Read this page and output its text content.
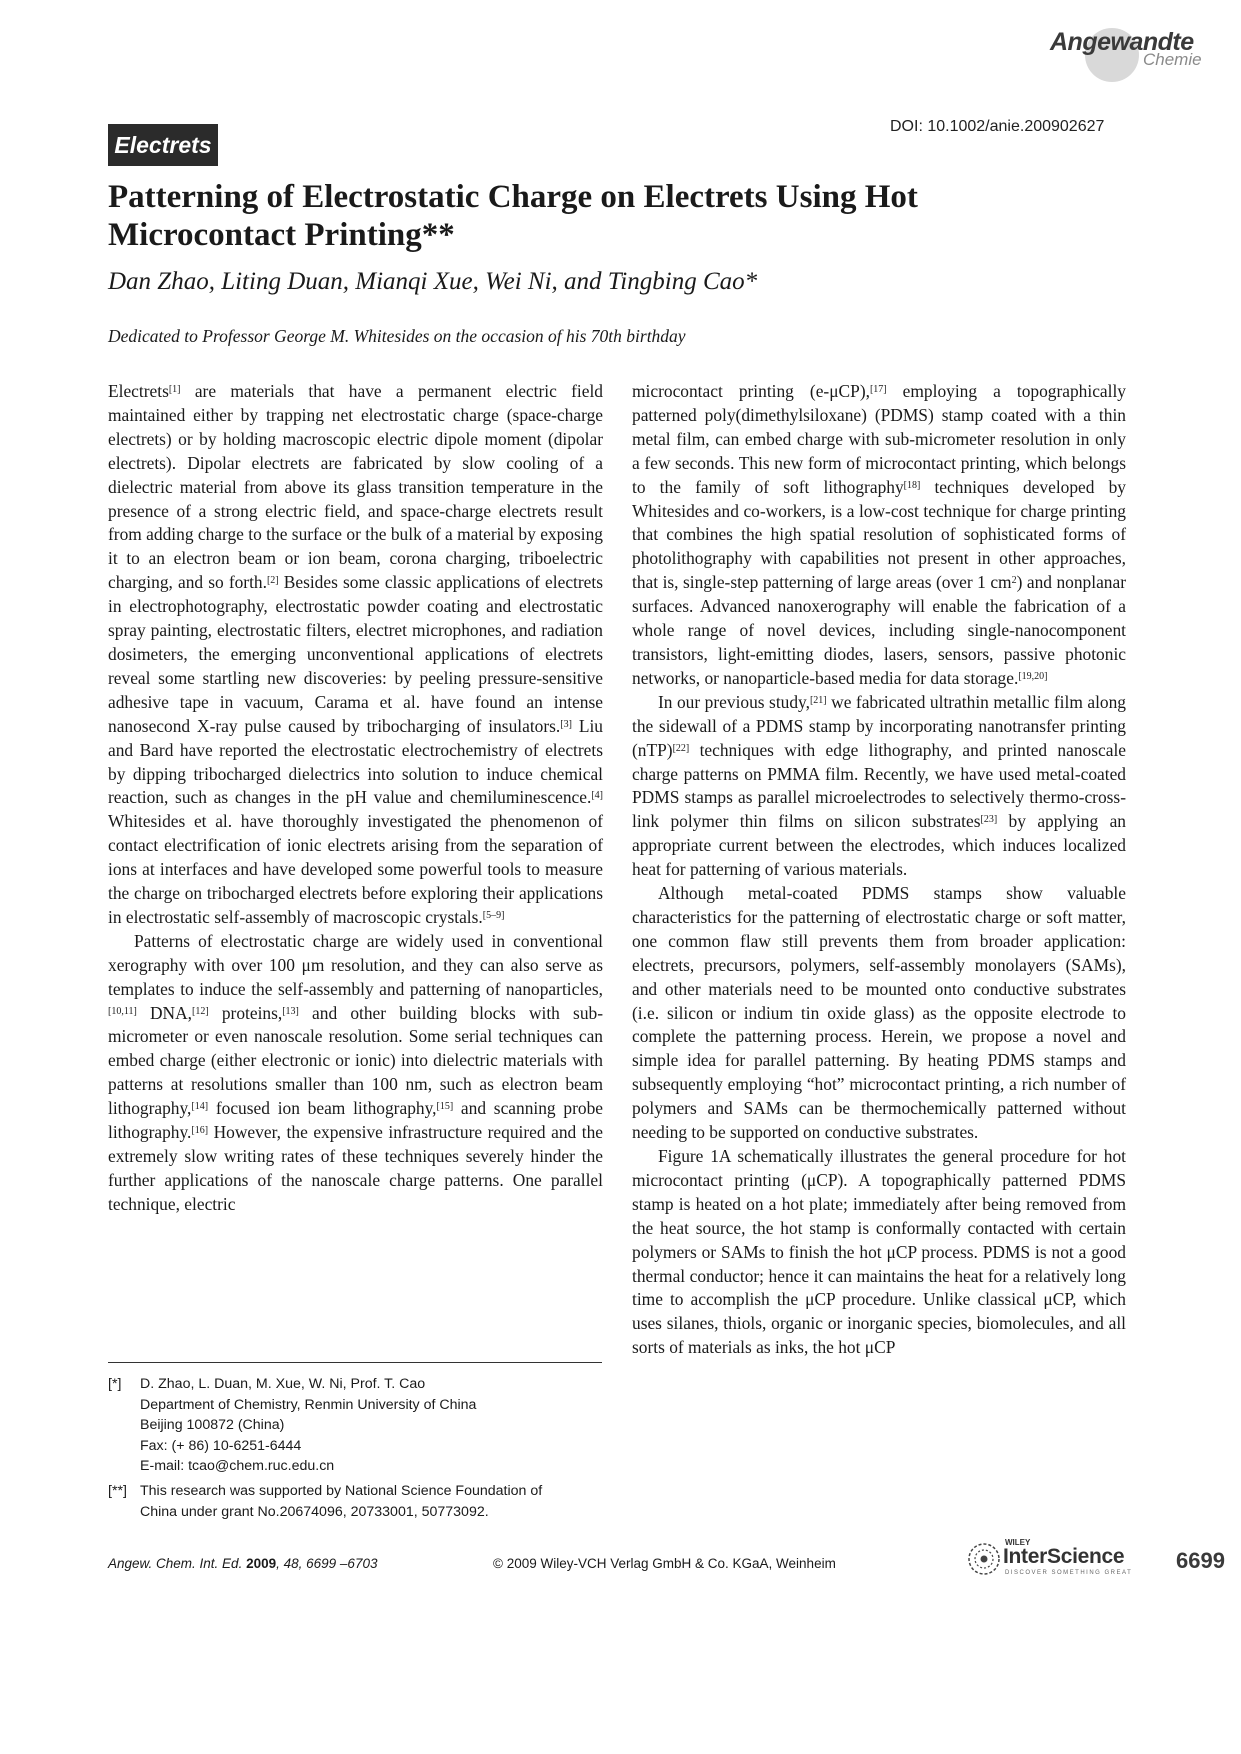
Angewandte
Chemie
DOI: 10.1002/anie.200902627
Electrets
Patterning of Electrostatic Charge on Electrets Using Hot
Microcontact Printing**
Dan Zhao, Liting Duan, Mianqi Xue, Wei Ni, and Tingbing Cao*
Dedicated to Professor George M. Whitesides on the occasion of his 70th birthday

Electrets[1] are materials that have a permanent electric field maintained either by trapping net electrostatic charge (space-charge electrets) or by holding macroscopic electric dipole moment (dipolar electrets). Dipolar electrets are fabricated by slow cooling of a dielectric material from above its glass transition temperature in the presence of a strong electric field, and space-charge electrets result from adding charge to the surface or the bulk of a material by exposing it to an electron beam or ion beam, corona charging, triboelectric charging, and so forth.[2] Besides some classic applications of electrets in electrophotography, electrostatic powder coating and electrostatic spray painting, electrostatic filters, electret microphones, and radiation dosimeters, the emerging unconventional applications of electrets reveal some startling new discoveries: by peeling pressure-sensitive adhesive tape in vacuum, Carama et al. have found an intense nanosecond X-ray pulse caused by tribocharging of insulators.[3] Liu and Bard have reported the electrostatic electrochemistry of electrets by dipping tribocharged dielectrics into solution to induce chemical reaction, such as changes in the pH value and chemiluminescence.[4] Whitesides et al. have thoroughly investigated the phenomenon of contact electrification of ionic electrets arising from the separation of ions at interfaces and have developed some powerful tools to measure the charge on tribocharged electrets before exploring their applications in electrostatic self-assembly of macroscopic crystals.[5–9]

Patterns of electrostatic charge are widely used in conventional xerography with over 100 μm resolution, and they can also serve as templates to induce the self-assembly and patterning of nanoparticles,[10,11] DNA,[12] proteins,[13] and other building blocks with sub-micrometer or even nanoscale resolution. Some serial techniques can embed charge (either electronic or ionic) into dielectric materials with patterns at resolutions smaller than 100 nm, such as electron beam lithography,[14] focused ion beam lithography,[15] and scanning probe lithography.[16] However, the expensive infrastructure required and the extremely slow writing rates of these techniques severely hinder the further applications of the nanoscale charge patterns. One parallel technique, electric

microcontact printing (e-μCP),[17] employing a topographically patterned poly(dimethylsiloxane) (PDMS) stamp coated with a thin metal film, can embed charge with sub-micrometer resolution in only a few seconds. This new form of microcontact printing, which belongs to the family of soft lithography[18] techniques developed by Whitesides and co-workers, is a low-cost technique for charge printing that combines the high spatial resolution of sophisticated forms of photolithography with capabilities not present in other approaches, that is, single-step patterning of large areas (over 1 $cm^2$) and nonplanar surfaces. Advanced nanoxerography will enable the fabrication of a whole range of novel devices, including single-nanocomponent transistors, light-emitting diodes, lasers, sensors, passive photonic networks, or nanoparticle-based media for data storage.[19,20]

In our previous study,[21] we fabricated ultrathin metallic film along the sidewall of a PDMS stamp by incorporating nanotransfer printing (nTP)[22] techniques with edge lithography, and printed nanoscale charge patterns on PMMA film. Recently, we have used metal-coated PDMS stamps as parallel microelectrodes to selectively thermo-cross-link polymer thin films on silicon substrates[23] by applying an appropriate current between the electrodes, which induces localized heat for patterning of various materials.

Although metal-coated PDMS stamps show valuable characteristics for the patterning of electrostatic charge or soft matter, one common flaw still prevents them from broader application: electrets, precursors, polymers, self-assembly monolayers (SAMs), and other materials need to be mounted onto conductive substrates (i.e. silicon or indium tin oxide glass) as the opposite electrode to complete the patterning process. Herein, we propose a novel and simple idea for parallel patterning. By heating PDMS stamps and subsequently employing “hot” microcontact printing, a rich number of polymers and SAMs can be thermochemically patterned without needing to be supported on conductive substrates.

Figure 1A schematically illustrates the general procedure for hot microcontact printing (μCP). A topographically patterned PDMS stamp is heated on a hot plate; immediately after being removed from the heat source, the hot stamp is conformally contacted with certain polymers or SAMs to finish the hot μCP process. PDMS is not a good thermal conductor; hence it can maintains the heat for a relatively long time to accomplish the μCP procedure. Unlike classical μCP, which uses silanes, thiols, organic or inorganic species, biomolecules, and all sorts of materials as inks, the hot μCP

[*]	D. Zhao, L. Duan, M. Xue, W. Ni, Prof. T. Cao
Department of Chemistry, Renmin University of China
Beijing 100872 (China)
Fax: (+ 86) 10-6251-6444
E-mail: tcao@chem.ruc.edu.cn
[**] This research was supported by National Science Foundation of
China under grant No.20674096, 20733001, 50773092.
Angew. Chem. Int. Ed. 2009, 48, 6699 –6703	© 2009 Wiley-VCH Verlag GmbH & Co. KGaA, Weinheim
WILEY
InterScience
DISCOVER SOMETHING GREAT 6699
